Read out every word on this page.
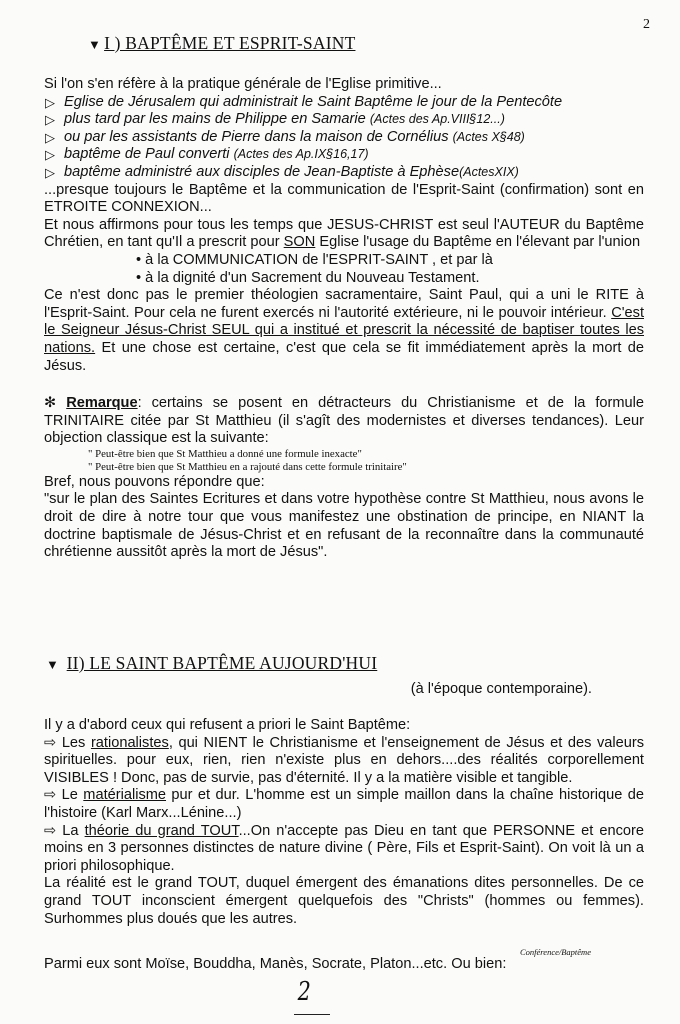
2
▼ I ) BAPTÊME ET ESPRIT-SAINT

Si l'on s'en réfère à la pratique générale de l'Eglise primitive...

▷ Eglise de Jérusalem qui administrait le Saint Baptême le jour de la Pentecôte

▷ plus tard par les mains de Philippe en Samarie (Actes des Ap.VIII§12...)

▷ ou par les assistants de Pierre dans la maison de Cornélius (Actes X§48)

▷ baptême de Paul converti (Actes des Ap.IX§16,17)

▷ baptême administré aux disciples de Jean-Baptiste à Ephèse(ActesXIX)

...presque toujours le Baptême et la communication de l'Esprit-Saint (confirmation) sont en ETROITE CONNEXION...

Et nous affirmons pour tous les temps que JESUS-CHRIST est seul l'AUTEUR du Baptême Chrétien, en tant qu'Il a prescrit pour SON Eglise l'usage du Baptême en l'élevant par l'union

• à la COMMUNICATION de l'ESPRIT-SAINT , et par là

• à la dignité d'un Sacrement du Nouveau Testament.

Ce n'est donc pas le premier théologien sacramentaire, Saint Paul, qui a uni le RITE à l'Esprit-Saint. Pour cela ne furent exercés ni l'autorité extérieure, ni le pouvoir intérieur. C'est le Seigneur Jésus-Christ SEUL qui a institué et prescrit la nécessité de baptiser toutes les nations. Et une chose est certaine, c'est que cela se fit immédiatement après la mort de Jésus.

✻ Remarque: certains se posent en détracteurs du Christianisme et de la formule TRINITAIRE citée par St Matthieu (il s'agît des modernistes et diverses tendances). Leur objection classique est la suivante:

" Peut-être bien que St Matthieu a donné une formule inexacte"

" Peut-être bien que St Matthieu en a rajouté dans cette formule trinitaire"

Bref, nous pouvons répondre que:

"sur le plan des Saintes Ecritures et dans votre hypothèse contre St Matthieu, nous avons le droit de dire à notre tour que vous manifestez une obstination de principe, en NIANT la doctrine baptismale de Jésus-Christ et en refusant de la reconnaître dans la communauté chrétienne aussitôt après la mort de Jésus".

▼ II) LE SAINT BAPTÊME AUJOURD'HUI
(à l'époque contemporaine).

Il y a d'abord ceux qui refusent a priori le Saint Baptême:

⇨ Les rationalistes, qui NIENT le Christianisme et l'enseignement de Jésus et des valeurs spirituelles. pour eux, rien, rien n'existe plus en dehors....des réalités corporellement VISIBLES ! Donc, pas de survie, pas d'éternité. Il y a la matière visible et tangible.

⇨ Le matérialisme pur et dur. L'homme est un simple maillon dans la chaîne historique de l'histoire (Karl Marx...Lénine...)

⇨ La théorie du grand TOUT...On n'accepte pas Dieu en tant que PERSONNE et encore moins en 3 personnes distinctes de nature divine ( Père, Fils et Esprit-Saint). On voit là un a priori philosophique.

La réalité est le grand TOUT, duquel émergent des émanations dites personnelles. De ce grand TOUT inconscient émergent quelquefois des "Christs" (hommes ou femmes). Surhommes plus doués que les autres.

Conférence/Baptême
Parmi eux sont Moïse, Bouddha, Manès, Socrate, Platon...etc. Ou bien:
2
